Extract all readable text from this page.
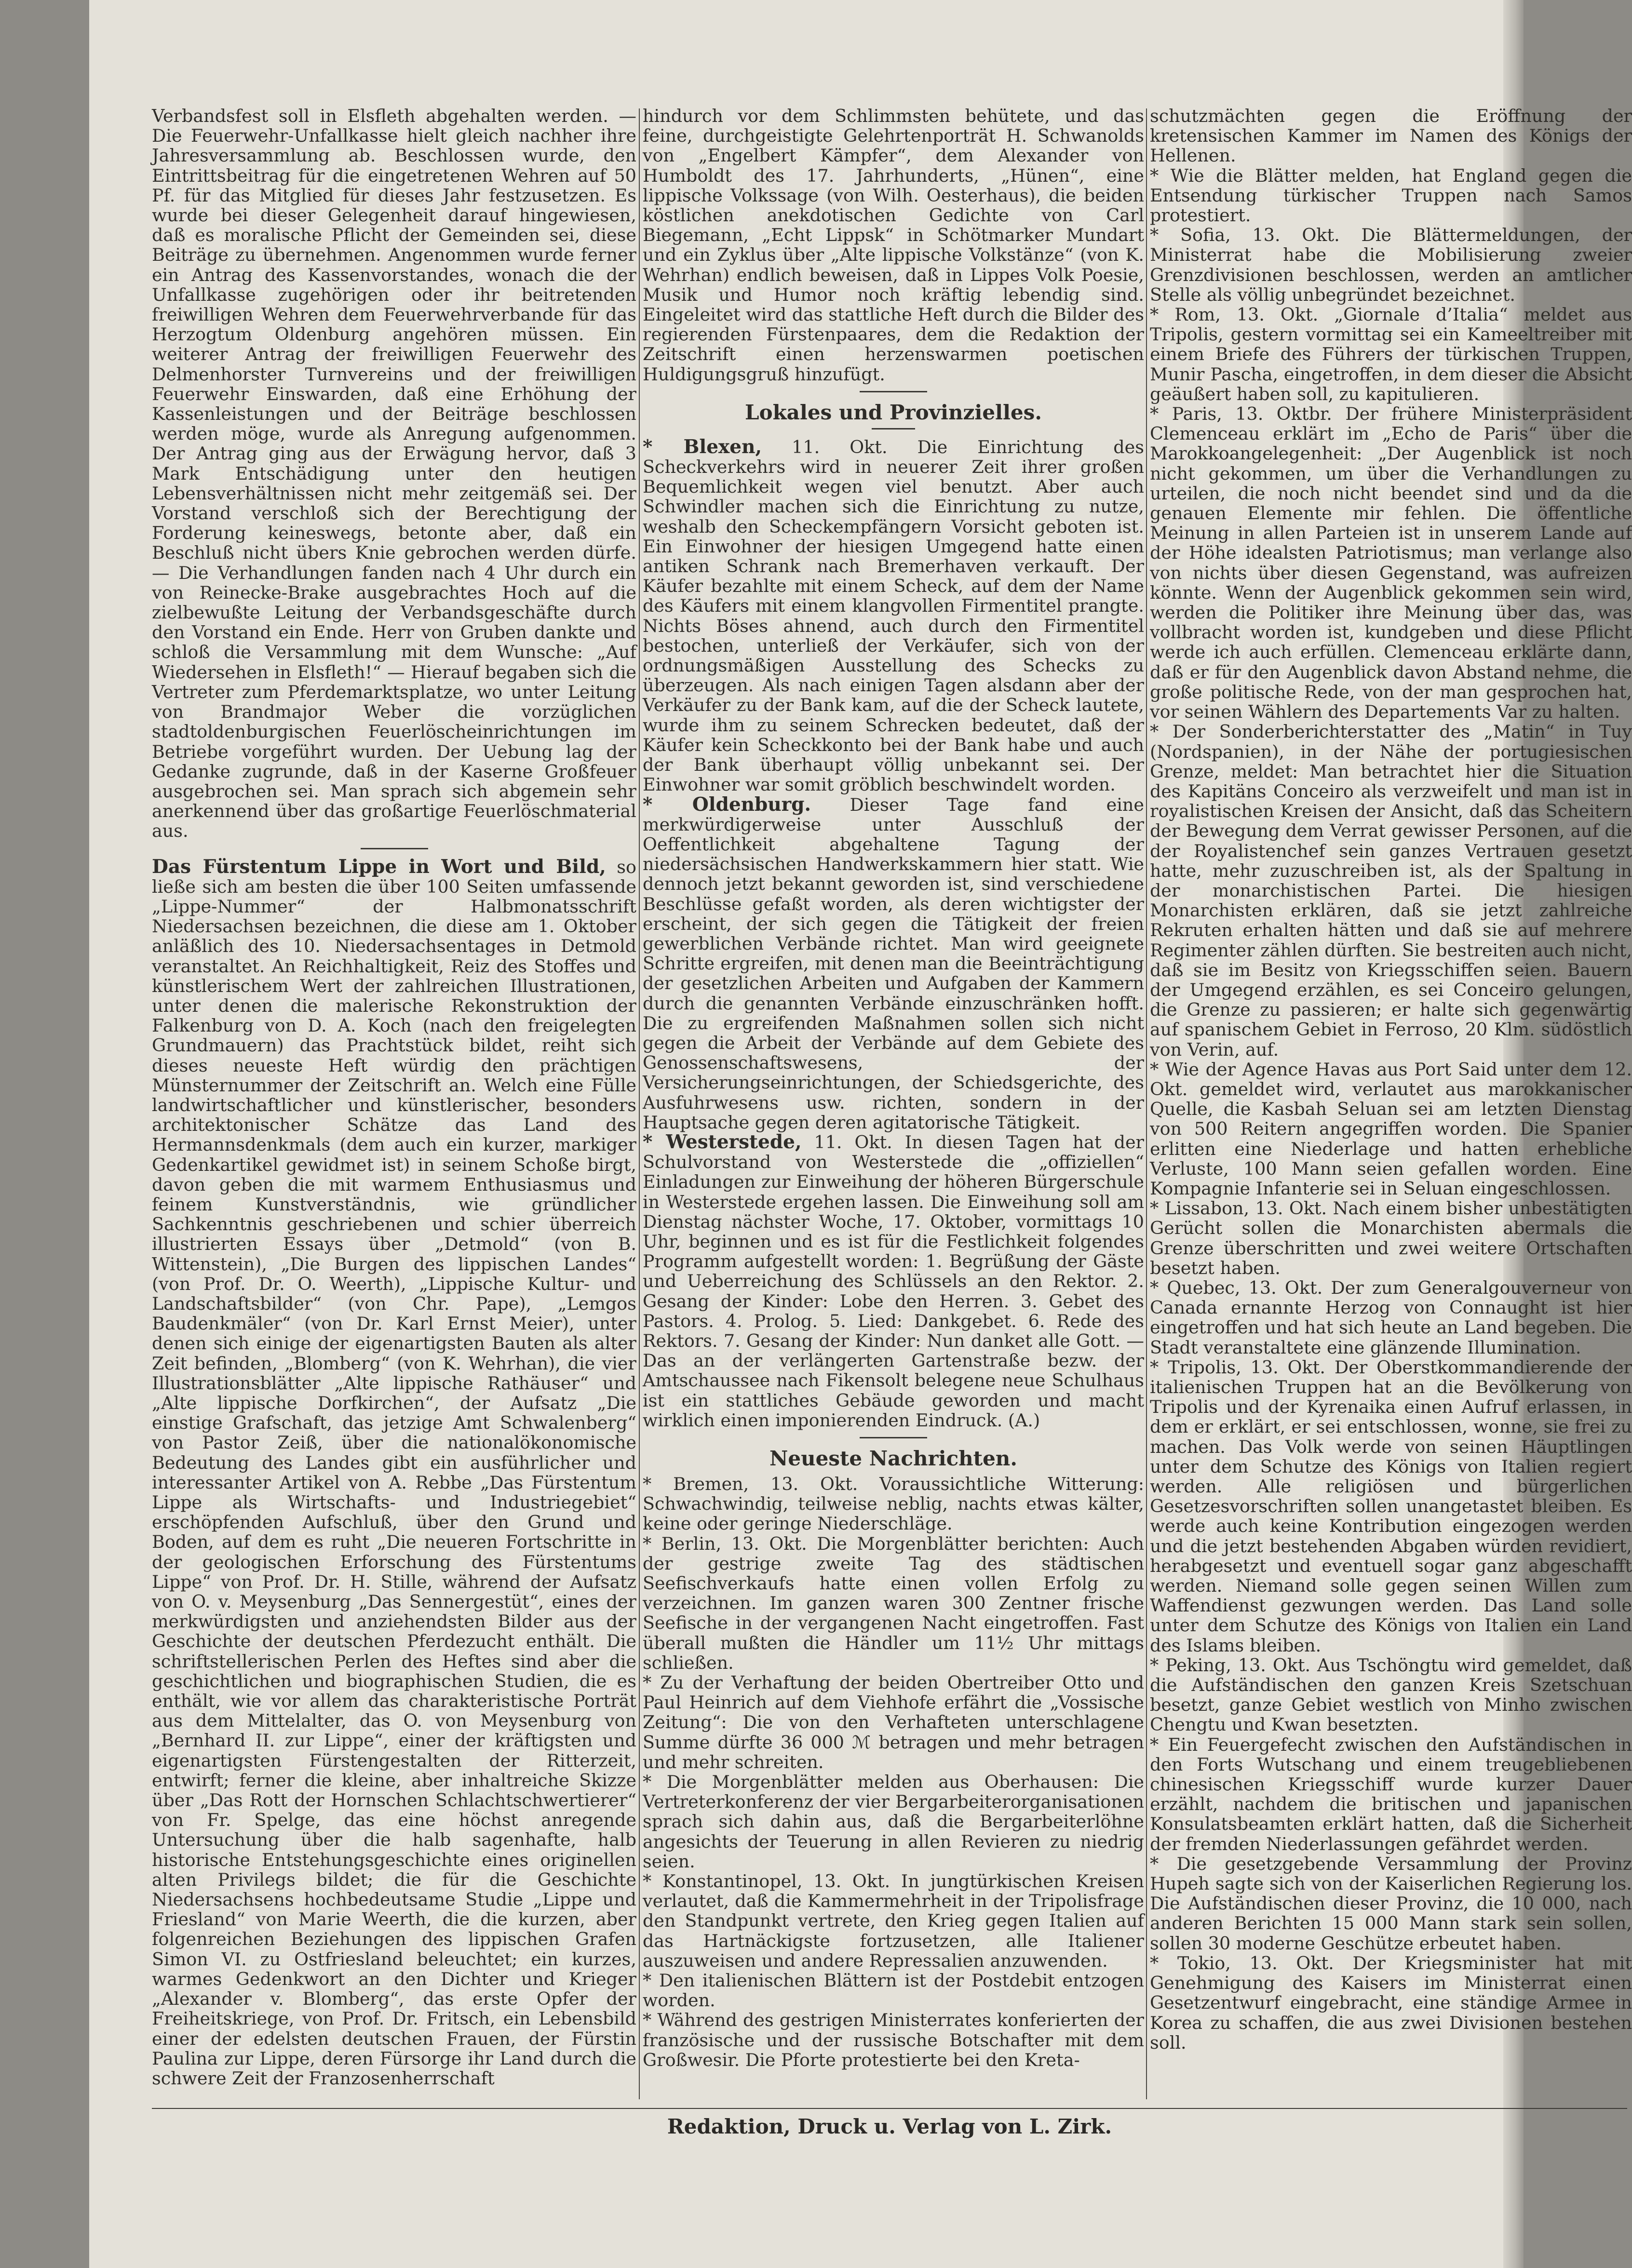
Verbandsfest soll in Elsfleth abgehalten werden. — Die Feuerwehr-Unfallkasse hielt gleich nachher ihre Jahresversammlung ab. Beschlossen wurde, den Eintrittsbeitrag für die eingetretenen Wehren auf 50 Pf. für das Mitglied für dieses Jahr festzusetzen. Es wurde bei dieser Gelegenheit darauf hingewiesen, daß es moralische Pflicht der Gemeinden sei, diese Beiträge zu übernehmen. Angenommen wurde ferner ein Antrag des Kassenvorstandes, wonach die der Unfallkasse zugehörigen oder ihr beitretenden freiwilligen Wehren dem Feuerwehrverbande für das Herzogtum Oldenburg angehören müssen. Ein weiterer Antrag der freiwilligen Feuerwehr des Delmenhorster Turnvereins und der freiwilligen Feuerwehr Einswarden, daß eine Erhöhung der Kassenleistungen und der Beiträge beschlossen werden möge, wurde als Anregung aufgenommen. Der Antrag ging aus der Erwägung hervor, daß 3 Mark Entschädigung unter den heutigen Lebensverhältnissen nicht mehr zeitgemäß sei. Der Vorstand verschloß sich der Berechtigung der Forderung keineswegs, betonte aber, daß ein Beschluß nicht übers Knie gebrochen werden dürfe. — Die Verhandlungen fanden nach 4 Uhr durch ein von Reinecke-Brake ausgebrachtes Hoch auf die zielbewußte Leitung der Verbandsgeschäfte durch den Vorstand ein Ende. Herr von Gruben dankte und schloß die Versammlung mit dem Wunsche: „Auf Wiedersehen in Elsfleth!“ — Hierauf begaben sich die Vertreter zum Pferdemarktsplatze, wo unter Leitung von Brandmajor Weber die vorzüglichen stadtoldenburgischen Feuerlöscheinrichtungen im Betriebe vorgeführt wurden. Der Uebung lag der Gedanke zugrunde, daß in der Kaserne Großfeuer ausgebrochen sei. Man sprach sich abgemein sehr anerkennend über das großartige Feuerlöschmaterial aus.

Das Fürstentum Lippe in Wort und Bild, so ließe sich am besten die über 100 Seiten umfassende „Lippe-Nummer“ der Halbmonatsschrift Niedersachsen bezeichnen, die diese am 1. Oktober anläßlich des 10. Niedersachsentages in Detmold veranstaltet. An Reichhaltigkeit, Reiz des Stoffes und künstlerischem Wert der zahlreichen Illustrationen, unter denen die malerische Rekonstruktion der Falkenburg von D. A. Koch (nach den freigelegten Grundmauern) das Prachtstück bildet, reiht sich dieses neueste Heft würdig den prächtigen Münsternummer der Zeitschrift an. Welch eine Fülle landwirtschaftlicher und künstlerischer, besonders architektonischer Schätze das Land des Hermannsdenkmals (dem auch ein kurzer, markiger Gedenkartikel gewidmet ist) in seinem Schoße birgt, davon geben die mit warmem Enthusiasmus und feinem Kunstverständnis, wie gründlicher Sachkenntnis geschriebenen und schier überreich illustrierten Essays über „Detmold“ (von B. Wittenstein), „Die Burgen des lippischen Landes“ (von Prof. Dr. O. Weerth), „Lippische Kultur- und Landschaftsbilder“ (von Chr. Pape), „Lemgos Baudenkmäler“ (von Dr. Karl Ernst Meier), unter denen sich einige der eigenartigsten Bauten als alter Zeit befinden, „Blomberg“ (von K. Wehrhan), die vier Illustrationsblätter „Alte lippische Rathäuser“ und „Alte lippische Dorfkirchen“, der Aufsatz „Die einstige Grafschaft, das jetzige Amt Schwalenberg“ von Pastor Zeiß, über die nationalökonomische Bedeutung des Landes gibt ein ausführlicher und interessanter Artikel von A. Rebbe „Das Fürstentum Lippe als Wirtschafts- und Industriegebiet“ erschöpfenden Aufschluß, über den Grund und Boden, auf dem es ruht „Die neueren Fortschritte in der geologischen Erforschung des Fürstentums Lippe“ von Prof. Dr. H. Stille, während der Aufsatz von O. v. Meysenburg „Das Sennergestüt“, eines der merkwürdigsten und anziehendsten Bilder aus der Geschichte der deutschen Pferdezucht enthält. Die schriftstellerischen Perlen des Heftes sind aber die geschichtlichen und biographischen Studien, die es enthält, wie vor allem das charakteristische Porträt aus dem Mittelalter, das O. von Meysenburg von „Bernhard II. zur Lippe“, einer der kräftigsten und eigenartigsten Fürstengestalten der Ritterzeit, entwirft; ferner die kleine, aber inhaltreiche Skizze über „Das Rott der Hornschen Schlachtschwertierer“ von Fr. Spelge, das eine höchst anregende Untersuchung über die halb sagenhafte, halb historische Entstehungsgeschichte eines originellen alten Privilegs bildet; die für die Geschichte Niedersachsens hochbedeutsame Studie „Lippe und Friesland“ von Marie Weerth, die die kurzen, aber folgenreichen Beziehungen des lippischen Grafen Simon VI. zu Ostfriesland beleuchtet; ein kurzes, warmes Gedenkwort an den Dichter und Krieger „Alexander v. Blomberg“, das erste Opfer der Freiheitskriege, von Prof. Dr. Fritsch, ein Lebensbild einer der edelsten deutschen Frauen, der Fürstin Paulina zur Lippe, deren Fürsorge ihr Land durch die schwere Zeit der Franzosenherrschaft

hindurch vor dem Schlimmsten behütete, und das feine, durchgeistigte Gelehrtenporträt H. Schwanolds von „Engelbert Kämpfer“, dem Alexander von Humboldt des 17. Jahrhunderts, „Hünen“, eine lippische Volkssage (von Wilh. Oesterhaus), die beiden köstlichen anekdotischen Gedichte von Carl Biegemann, „Echt Lippsk“ in Schötmarker Mundart und ein Zyklus über „Alte lippische Volkstänze“ (von K. Wehrhan) endlich beweisen, daß in Lippes Volk Poesie, Musik und Humor noch kräftig lebendig sind. Eingeleitet wird das stattliche Heft durch die Bilder des regierenden Fürstenpaares, dem die Redaktion der Zeitschrift einen herzenswarmen poetischen Huldigungsgruß hinzufügt.

Lokales und Provinzielles.

* Blexen, 11. Okt. Die Einrichtung des Scheckverkehrs wird in neuerer Zeit ihrer großen Bequemlichkeit wegen viel benutzt. Aber auch Schwindler machen sich die Einrichtung zu nutze, weshalb den Scheckempfängern Vorsicht geboten ist. Ein Einwohner der hiesigen Umgegend hatte einen antiken Schrank nach Bremerhaven verkauft. Der Käufer bezahlte mit einem Scheck, auf dem der Name des Käufers mit einem klangvollen Firmentitel prangte. Nichts Böses ahnend, auch durch den Firmentitel bestochen, unterließ der Verkäufer, sich von der ordnungsmäßigen Ausstellung des Schecks zu überzeugen. Als nach einigen Tagen alsdann aber der Verkäufer zu der Bank kam, auf die der Scheck lautete, wurde ihm zu seinem Schrecken bedeutet, daß der Käufer kein Scheckkonto bei der Bank habe und auch der Bank überhaupt völlig unbekannt sei. Der Einwohner war somit gröblich beschwindelt worden.

* Oldenburg. Dieser Tage fand eine merkwürdigerweise unter Ausschluß der Oeffentlichkeit abgehaltene Tagung der niedersächsischen Handwerkskammern hier statt. Wie dennoch jetzt bekannt geworden ist, sind verschiedene Beschlüsse gefaßt worden, als deren wichtigster der erscheint, der sich gegen die Tätigkeit der freien gewerblichen Verbände richtet. Man wird geeignete Schritte ergreifen, mit denen man die Beeinträchtigung der gesetzlichen Arbeiten und Aufgaben der Kammern durch die genannten Verbände einzuschränken hofft. Die zu ergreifenden Maßnahmen sollen sich nicht gegen die Arbeit der Verbände auf dem Gebiete des Genossenschaftswesens, der Versicherungseinrichtungen, der Schiedsgerichte, des Ausfuhrwesens usw. richten, sondern in der Hauptsache gegen deren agitatorische Tätigkeit.

* Westerstede, 11. Okt. In diesen Tagen hat der Schulvorstand von Westerstede die „offiziellen“ Einladungen zur Einweihung der höheren Bürgerschule in Westerstede ergehen lassen. Die Einweihung soll am Dienstag nächster Woche, 17. Oktober, vormittags 10 Uhr, beginnen und es ist für die Festlichkeit folgendes Programm aufgestellt worden: 1. Begrüßung der Gäste und Ueberreichung des Schlüssels an den Rektor. 2. Gesang der Kinder: Lobe den Herren. 3. Gebet des Pastors. 4. Prolog. 5. Lied: Dankgebet. 6. Rede des Rektors. 7. Gesang der Kinder: Nun danket alle Gott. — Das an der verlängerten Gartenstraße bezw. der Amtschaussee nach Fikensolt belegene neue Schulhaus ist ein stattliches Gebäude geworden und macht wirklich einen imponierenden Eindruck. (A.)

Neueste Nachrichten.

* Bremen, 13. Okt. Voraussichtliche Witterung: Schwachwindig, teilweise neblig, nachts etwas kälter, keine oder geringe Niederschläge.

* Berlin, 13. Okt. Die Morgenblätter berichten: Auch der gestrige zweite Tag des städtischen Seefischverkaufs hatte einen vollen Erfolg zu verzeichnen. Im ganzen waren 300 Zentner frische Seefische in der vergangenen Nacht eingetroffen. Fast überall mußten die Händler um 11½ Uhr mittags schließen.

* Zu der Verhaftung der beiden Obertreiber Otto und Paul Heinrich auf dem Viehhofe erfährt die „Vossische Zeitung“: Die von den Verhafteten unterschlagene Summe dürfte 36 000 ℳ betragen und mehr betragen und mehr schreiten.

* Die Morgenblätter melden aus Oberhausen: Die Vertreterkonferenz der vier Bergarbeiterorganisationen sprach sich dahin aus, daß die Bergarbeiterlöhne angesichts der Teuerung in allen Revieren zu niedrig seien.

* Konstantinopel, 13. Okt. In jungtürkischen Kreisen verlautet, daß die Kammermehrheit in der Tripolisfrage den Standpunkt vertrete, den Krieg gegen Italien auf das Hartnäckigste fortzusetzen, alle Italiener auszuweisen und andere Repressalien anzuwenden.

* Den italienischen Blättern ist der Postdebit entzogen worden.

* Während des gestrigen Ministerrates konferierten der französische und der russische Botschafter mit dem Großwesir. Die Pforte protestierte bei den Kreta-

schutzmächten gegen die Eröffnung der kretensischen Kammer im Namen des Königs der Hellenen.

* Wie die Blätter melden, hat England gegen die Entsendung türkischer Truppen nach Samos protestiert.

* Sofia, 13. Okt. Die Blättermeldungen, der Ministerrat habe die Mobilisierung zweier Grenzdivisionen beschlossen, werden an amtlicher Stelle als völlig unbegründet bezeichnet.

* Rom, 13. Okt. „Giornale d’Italia“ meldet aus Tripolis, gestern vormittag sei ein Kameeltreiber mit einem Briefe des Führers der türkischen Truppen, Munir Pascha, eingetroffen, in dem dieser die Absicht geäußert haben soll, zu kapitulieren.

* Paris, 13. Oktbr. Der frühere Ministerpräsident Clemenceau erklärt im „Echo de Paris“ über die Marokkoangelegenheit: „Der Augenblick ist noch nicht gekommen, um über die Verhandlungen zu urteilen, die noch nicht beendet sind und da die genauen Elemente mir fehlen. Die öffentliche Meinung in allen Parteien ist in unserem Lande auf der Höhe idealsten Patriotismus; man verlange also von nichts über diesen Gegenstand, was aufreizen könnte. Wenn der Augenblick gekommen sein wird, werden die Politiker ihre Meinung über das, was vollbracht worden ist, kundgeben und diese Pflicht werde ich auch erfüllen. Clemenceau erklärte dann, daß er für den Augenblick davon Abstand nehme, die große politische Rede, von der man gesprochen hat, vor seinen Wählern des Departements Var zu halten.

* Der Sonderberichterstatter des „Matin“ in Tuy (Nordspanien), in der Nähe der portugiesischen Grenze, meldet: Man betrachtet hier die Situation des Kapitäns Conceiro als verzweifelt und man ist in royalistischen Kreisen der Ansicht, daß das Scheitern der Bewegung dem Verrat gewisser Personen, auf die der Royalistenchef sein ganzes Vertrauen gesetzt hatte, mehr zuzuschreiben ist, als der Spaltung in der monarchistischen Partei. Die hiesigen Monarchisten erklären, daß sie jetzt zahlreiche Rekruten erhalten hätten und daß sie auf mehrere Regimenter zählen dürften. Sie bestreiten auch nicht, daß sie im Besitz von Kriegsschiffen seien. Bauern der Umgegend erzählen, es sei Conceiro gelungen, die Grenze zu passieren; er halte sich gegenwärtig auf spanischem Gebiet in Ferroso, 20 Klm. südöstlich von Verin, auf.

* Wie der Agence Havas aus Port Said unter dem 12. Okt. gemeldet wird, verlautet aus marokkanischer Quelle, die Kasbah Seluan sei am letzten Dienstag von 500 Reitern angegriffen worden. Die Spanier erlitten eine Niederlage und hatten erhebliche Verluste, 100 Mann seien gefallen worden. Eine Kompagnie Infanterie sei in Seluan eingeschlossen.

* Lissabon, 13. Okt. Nach einem bisher unbestätigten Gerücht sollen die Monarchisten abermals die Grenze überschritten und zwei weitere Ortschaften besetzt haben.

* Quebec, 13. Okt. Der zum Generalgouverneur von Canada ernannte Herzog von Connaught ist hier eingetroffen und hat sich heute an Land begeben. Die Stadt veranstaltete eine glänzende Illumination.

* Tripolis, 13. Okt. Der Oberstkommandierende der italienischen Truppen hat an die Bevölkerung von Tripolis und der Kyrenaika einen Aufruf erlassen, in dem er erklärt, er sei entschlossen, wonne, sie frei zu machen. Das Volk werde von seinen Häuptlingen unter dem Schutze des Königs von Italien regiert werden. Alle religiösen und bürgerlichen Gesetzesvorschriften sollen unangetastet bleiben. Es werde auch keine Kontribution eingezogen werden und die jetzt bestehenden Abgaben würden revidiert, herabgesetzt und eventuell sogar ganz abgeschafft werden. Niemand solle gegen seinen Willen zum Waffendienst gezwungen werden. Das Land solle unter dem Schutze des Königs von Italien ein Land des Islams bleiben.

* Peking, 13. Okt. Aus Tschöngtu wird gemeldet, daß die Aufständischen den ganzen Kreis Szetschuan besetzt, ganze Gebiet westlich von Minho zwischen Chengtu und Kwan besetzten.

* Ein Feuergefecht zwischen den Aufständischen in den Forts Wutschang und einem treugebliebenen chinesischen Kriegsschiff wurde kurzer Dauer erzählt, nachdem die britischen und japanischen Konsulatsbeamten erklärt hatten, daß die Sicherheit der fremden Niederlassungen gefährdet werden.

* Die gesetzgebende Versammlung der Provinz Hupeh sagte sich von der Kaiserlichen Regierung los. Die Aufständischen dieser Provinz, die 10 000, nach anderen Berichten 15 000 Mann stark sein sollen, sollen 30 moderne Geschütze erbeutet haben.

* Tokio, 13. Okt. Der Kriegsminister hat mit Genehmigung des Kaisers im Ministerrat einen Gesetzentwurf eingebracht, eine ständige Armee in Korea zu schaffen, die aus zwei Divisionen bestehen soll.

Redaktion, Druck u. Verlag von L. Zirk.
